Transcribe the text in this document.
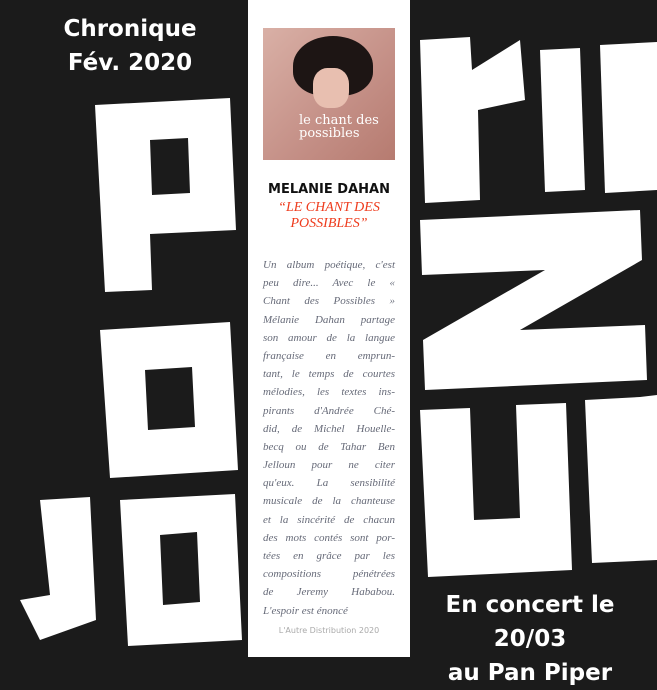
Chronique
Fév. 2020
le chant des possibles
MELANIE DAHAN
“LE CHANT DES
POSSIBLES”
Un album poétique, c'est
peu dire... Avec le «
Chant des Possibles »
Mélanie Dahan partage
son amour de la langue
française en emprun-
tant, le temps de courtes
mélodies, les textes ins-
pirants d'Andrée Ché-
did, de Michel Houelle-
becq ou de Tahar Ben
Jelloun pour ne citer
qu'eux. La sensibilité
musicale de la chanteuse
et la sincérité de chacun
des mots contés sont por-
tées en grâce par les
compositions pénétrées
de Jeremy Hababou.
L'espoir est énoncé
L'Autre Distribution 2020
En concert le 20/03
au Pan Piper
